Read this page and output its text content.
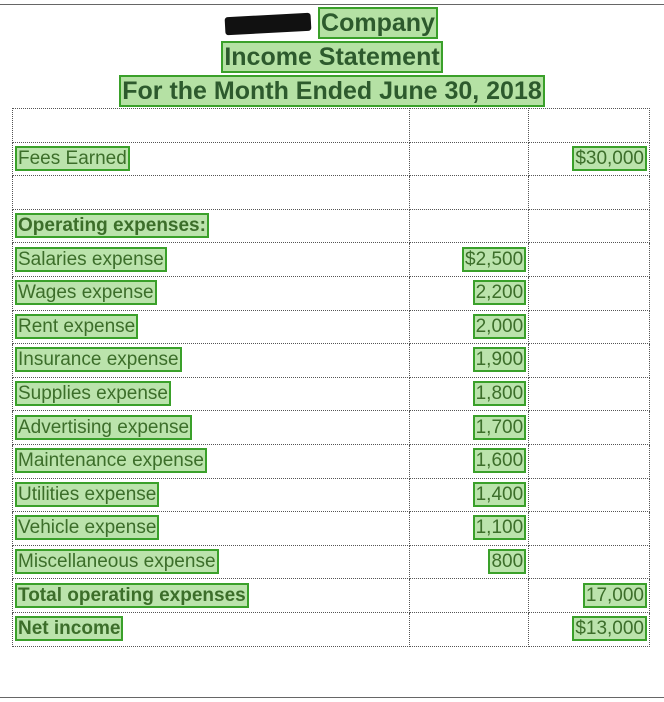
Company
Income Statement
For the Month Ended June 30, 2018

Fees Earned		$30,000

Operating expenses:		
Salaries expense	$2,500	
Wages expense	2,200	
Rent expense	2,000	
Insurance expense	1,900	
Supplies expense	1,800	
Advertising expense	1,700	
Maintenance expense	1,600	
Utilities expense	1,400	
Vehicle expense	1,100	
Miscellaneous expense	800	
Total operating expenses		17,000
Net income		$13,000
